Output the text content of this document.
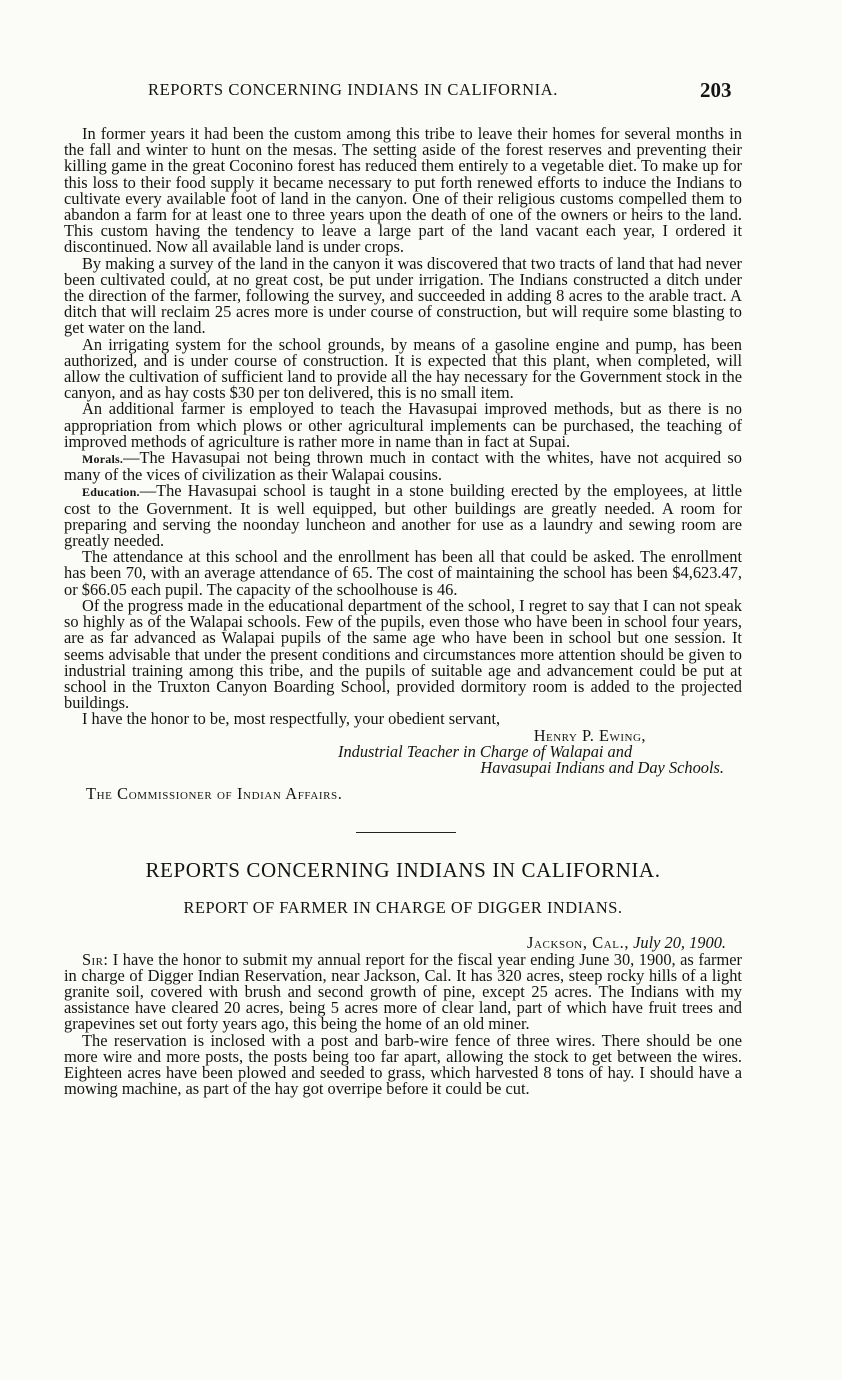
REPORTS CONCERNING INDIANS IN CALIFORNIA.	203

In former years it had been the custom among this tribe to leave their homes for several months in the fall and winter to hunt on the mesas. The setting aside of the forest reserves and preventing their killing game in the great Coconino forest has reduced them entirely to a vegetable diet. To make up for this loss to their food supply it became necessary to put forth renewed efforts to induce the Indians to cultivate every available foot of land in the canyon. One of their religious customs compelled them to abandon a farm for at least one to three years upon the death of one of the owners or heirs to the land. This custom having the tendency to leave a large part of the land vacant each year, I ordered it discontinued. Now all available land is under crops.

By making a survey of the land in the canyon it was discovered that two tracts of land that had never been cultivated could, at no great cost, be put under irrigation. The Indians constructed a ditch under the direction of the farmer, following the survey, and succeeded in adding 8 acres to the arable tract. A ditch that will reclaim 25 acres more is under course of construction, but will require some blasting to get water on the land.

An irrigating system for the school grounds, by means of a gasoline engine and pump, has been authorized, and is under course of construction. It is expected that this plant, when completed, will allow the cultivation of sufficient land to provide all the hay necessary for the Government stock in the canyon, and as hay costs $30 per ton delivered, this is no small item.

An additional farmer is employed to teach the Havasupai improved methods, but as there is no appropriation from which plows or other agricultural implements can be purchased, the teaching of improved methods of agriculture is rather more in name than in fact at Supai.

Morals.—The Havasupai not being thrown much in contact with the whites, have not acquired so many of the vices of civilization as their Walapai cousins.

Education.—The Havasupai school is taught in a stone building erected by the employees, at little cost to the Government. It is well equipped, but other buildings are greatly needed. A room for preparing and serving the noonday luncheon and another for use as a laundry and sewing room are greatly needed.

The attendance at this school and the enrollment has been all that could be asked. The enrollment has been 70, with an average attendance of 65. The cost of maintaining the school has been $4,623.47, or $66.05 each pupil. The capacity of the schoolhouse is 46.

Of the progress made in the educational department of the school, I regret to say that I can not speak so highly as of the Walapai schools. Few of the pupils, even those who have been in school four years, are as far advanced as Walapai pupils of the same age who have been in school but one session. It seems advisable that under the present conditions and circumstances more attention should be given to industrial training among this tribe, and the pupils of suitable age and advancement could be put at school in the Truxton Canyon Boarding School, provided dormitory room is added to the projected buildings.

I have the honor to be, most respectfully, your obedient servant,

Henry P. Ewing,

Industrial Teacher in Charge of Walapai and

Havasupai Indians and Day Schools.

The Commissioner of Indian Affairs.
REPORTS CONCERNING INDIANS IN CALIFORNIA.
REPORT OF FARMER IN CHARGE OF DIGGER INDIANS.
Jackson, Cal., July 20, 1900.

Sir: I have the honor to submit my annual report for the fiscal year ending June 30, 1900, as farmer in charge of Digger Indian Reservation, near Jackson, Cal. It has 320 acres, steep rocky hills of a light granite soil, covered with brush and second growth of pine, except 25 acres. The Indians with my assistance have cleared 20 acres, being 5 acres more of clear land, part of which have fruit trees and grapevines set out forty years ago, this being the home of an old miner.

The reservation is inclosed with a post and barb-wire fence of three wires. There should be one more wire and more posts, the posts being too far apart, allowing the stock to get between the wires. Eighteen acres have been plowed and seeded to grass, which harvested 8 tons of hay. I should have a mowing machine, as part of the hay got overripe before it could be cut.
